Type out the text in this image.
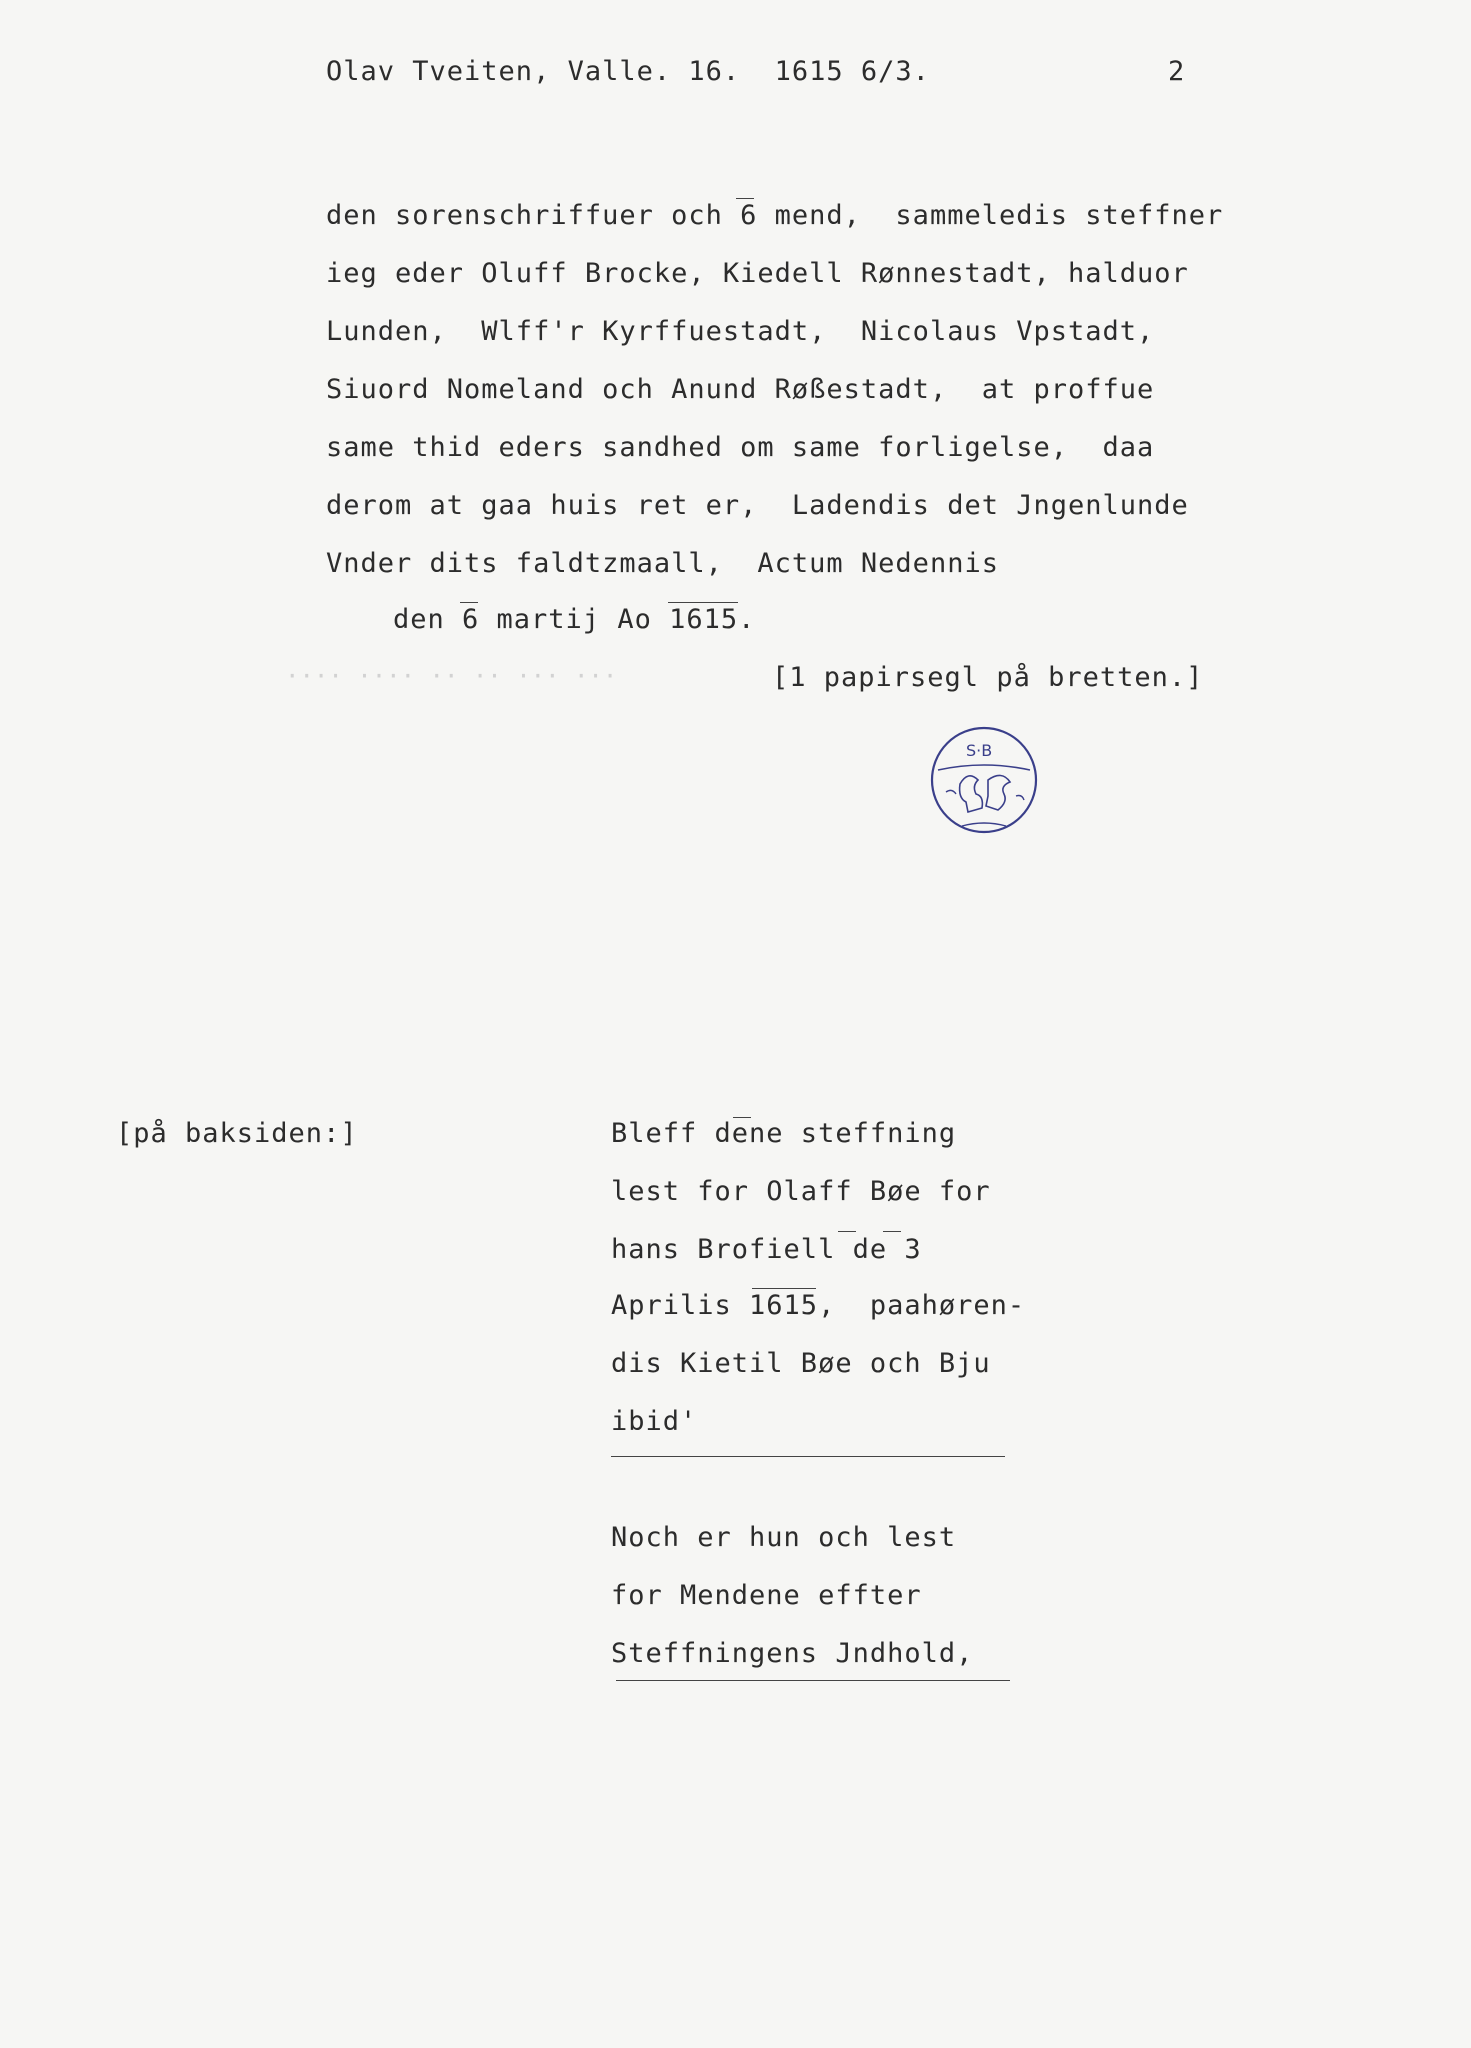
···· ···· ·· ·· ··· ···
Olav Tveiten, Valle. 16.  1615 6/3.	2
den sorenschriffuer och 6 mend,  sammeledis steffner
ieg eder Oluff Brocke, Kiedell Rønnestadt, halduor
Lunden,  Wlff'r Kyrffuestadt,  Nicolaus Vpstadt,
Siuord Nomeland och Anund Røßestadt,  at proffue
same thid eders sandhed om same forligelse,  daa
derom at gaa huis ret er,  Ladendis det Jngenlunde
Vnder dits faldtzmaall,  Actum Nedennis
den 6 martij Ao 1615.
[1 papirsegl på bretten.]
S·B
[på baksiden:]	Bleff dene steffning
lest for Olaff Bøe for
hans Brofiell de 3
Aprilis 1615,  paahøren-
dis Kietil Bøe och Bju
ibid'
Noch er hun och lest
for Mendene effter
Steffningens Jndhold,
